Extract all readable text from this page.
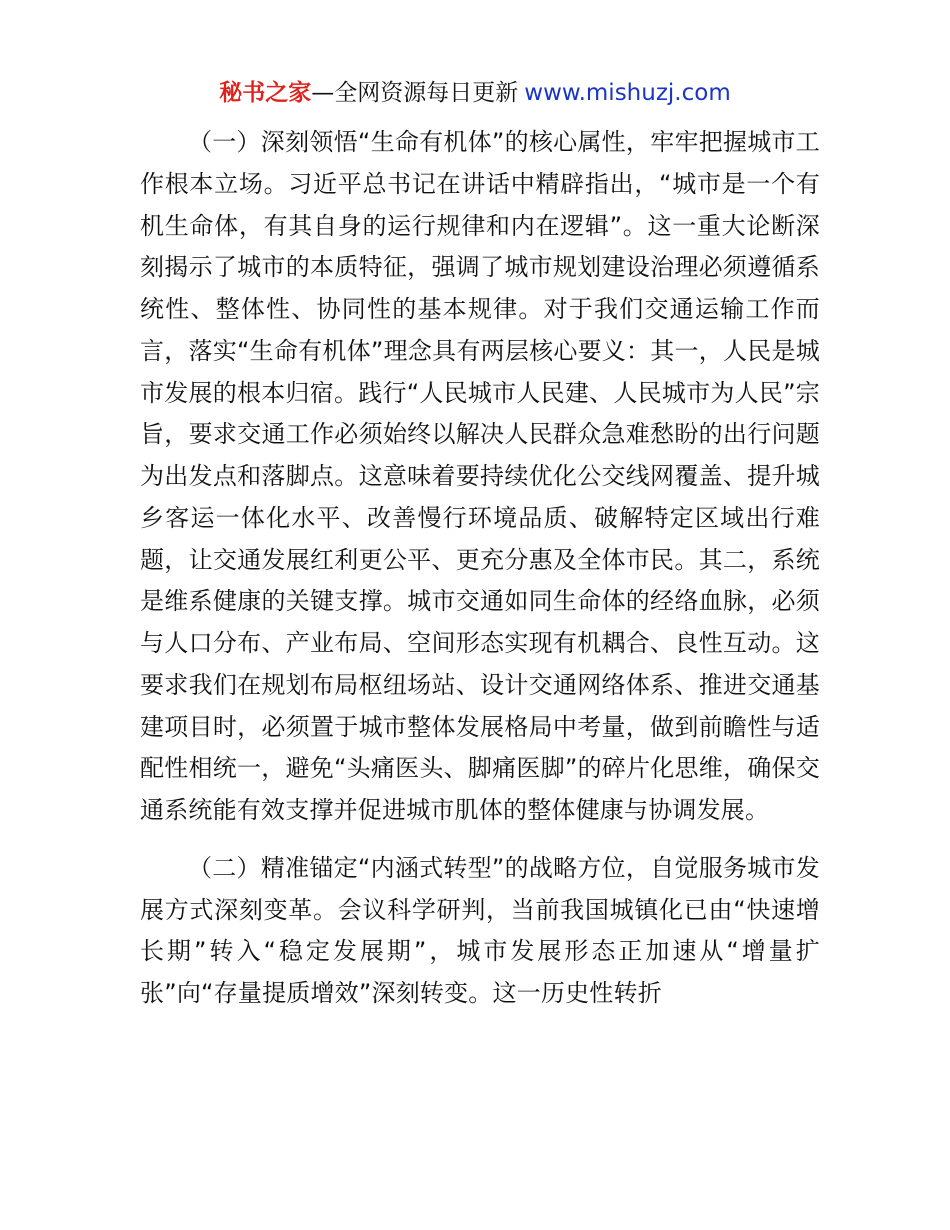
秘书之家—全网资源每日更新 www.mishuzj.com

（一）深刻领悟“生命有机体”的核心属性，牢牢把握城市工作根本立场。习近平总书记在讲话中精辟指出，“城市是一个有机生命体，有其自身的运行规律和内在逻辑”。这一重大论断深刻揭示了城市的本质特征，强调了城市规划建设治理必须遵循系统性、整体性、协同性的基本规律。对于我们交通运输工作而言，落实“生命有机体”理念具有两层核心要义：其一，人民是城市发展的根本归宿。践行“人民城市人民建、人民城市为人民”宗旨，要求交通工作必须始终以解决人民群众急难愁盼的出行问题为出发点和落脚点。这意味着要持续优化公交线网覆盖、提升城乡客运一体化水平、改善慢行环境品质、破解特定区域出行难题，让交通发展红利更公平、更充分惠及全体市民。其二，系统是维系健康的关键支撑。城市交通如同生命体的经络血脉，必须与人口分布、产业布局、空间形态实现有机耦合、良性互动。这要求我们在规划布局枢纽场站、设计交通网络体系、推进交通基建项目时，必须置于城市整体发展格局中考量，做到前瞻性与适配性相统一，避免“头痛医头、脚痛医脚”的碎片化思维，确保交通系统能有效支撑并促进城市肌体的整体健康与协调发展。

（二）精准锚定“内涵式转型”的战略方位，自觉服务城市发展方式深刻变革。会议科学研判，当前我国城镇化已由“快速增长期”转入“稳定发展期”，城市发展形态正加速从“增量扩张”向“存量提质增效”深刻转变。这一历史性转折
